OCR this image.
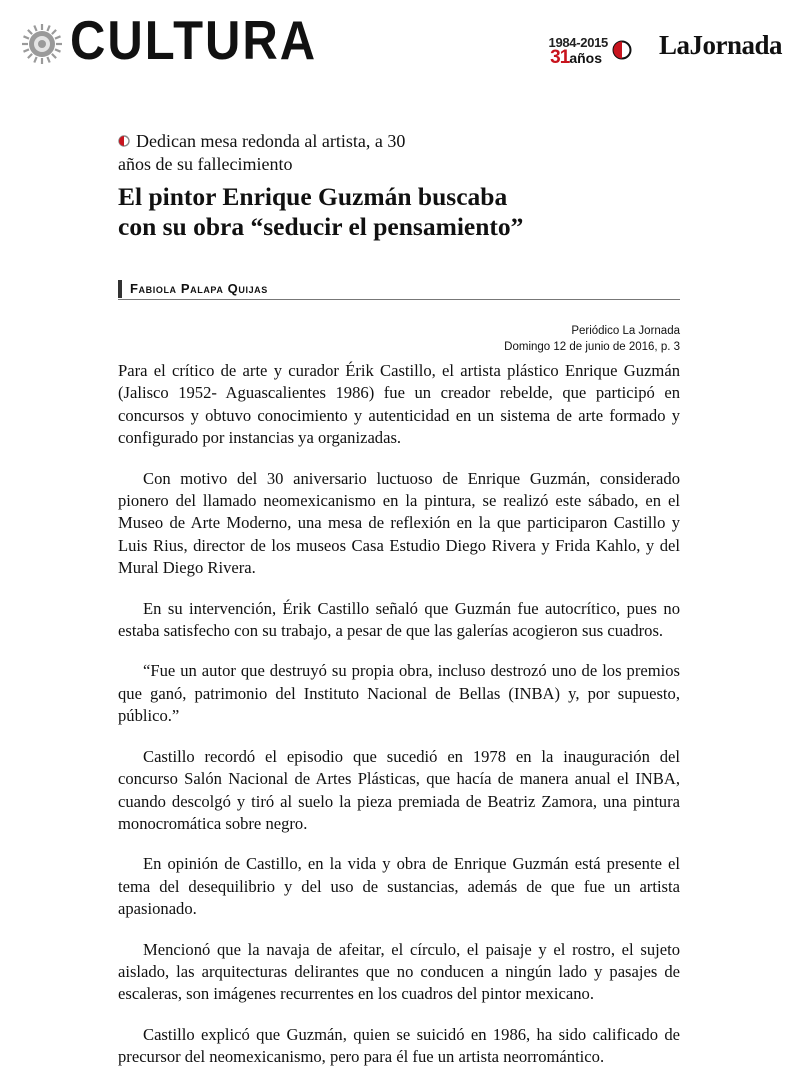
CULTURA	1984-2015
31años LaJornada
Dedican mesa redonda al artista, a 30 años de su fallecimiento
El pintor Enrique Guzmán buscaba con su obra “seducir el pensamiento”
Fabiola Palapa Quijas
Periódico La Jornada
Domingo 12 de junio de 2016, p. 3

Para el crítico de arte y curador Érik Castillo, el artista plástico Enrique Guzmán (Jalisco 1952- Aguascalientes 1986) fue un creador rebelde, que participó en concursos y obtuvo conocimiento y autenticidad en un sistema de arte formado y configurado por instancias ya organizadas.

Con motivo del 30 aniversario luctuoso de Enrique Guzmán, considerado pionero del llamado neomexicanismo en la pintura, se realizó este sábado, en el Museo de Arte Moderno, una mesa de reflexión en la que participaron Castillo y Luis Rius, director de los museos Casa Estudio Diego Rivera y Frida Kahlo, y del Mural Diego Rivera.

En su intervención, Érik Castillo señaló que Guzmán fue autocrítico, pues no estaba satisfecho con su trabajo, a pesar de que las galerías acogieron sus cuadros.

“Fue un autor que destruyó su propia obra, incluso destrozó uno de los premios que ganó, patrimonio del Instituto Nacional de Bellas (INBA) y, por supuesto, público.”

Castillo recordó el episodio que sucedió en 1978 en la inauguración del concurso Salón Nacional de Artes Plásticas, que hacía de manera anual el INBA, cuando descolgó y tiró al suelo la pieza premiada de Beatriz Zamora, una pintura monocromática sobre negro.

En opinión de Castillo, en la vida y obra de Enrique Guzmán está presente el tema del desequilibrio y del uso de sustancias, además de que fue un artista apasionado.

Mencionó que la navaja de afeitar, el círculo, el paisaje y el rostro, el sujeto aislado, las arquitecturas delirantes que no conducen a ningún lado y pasajes de escaleras, son imágenes recurrentes en los cuadros del pintor mexicano.

Castillo explicó que Guzmán, quien se suicidó en 1986, ha sido calificado de precursor del neomexicanismo, pero para él fue un artista neorromántico.
